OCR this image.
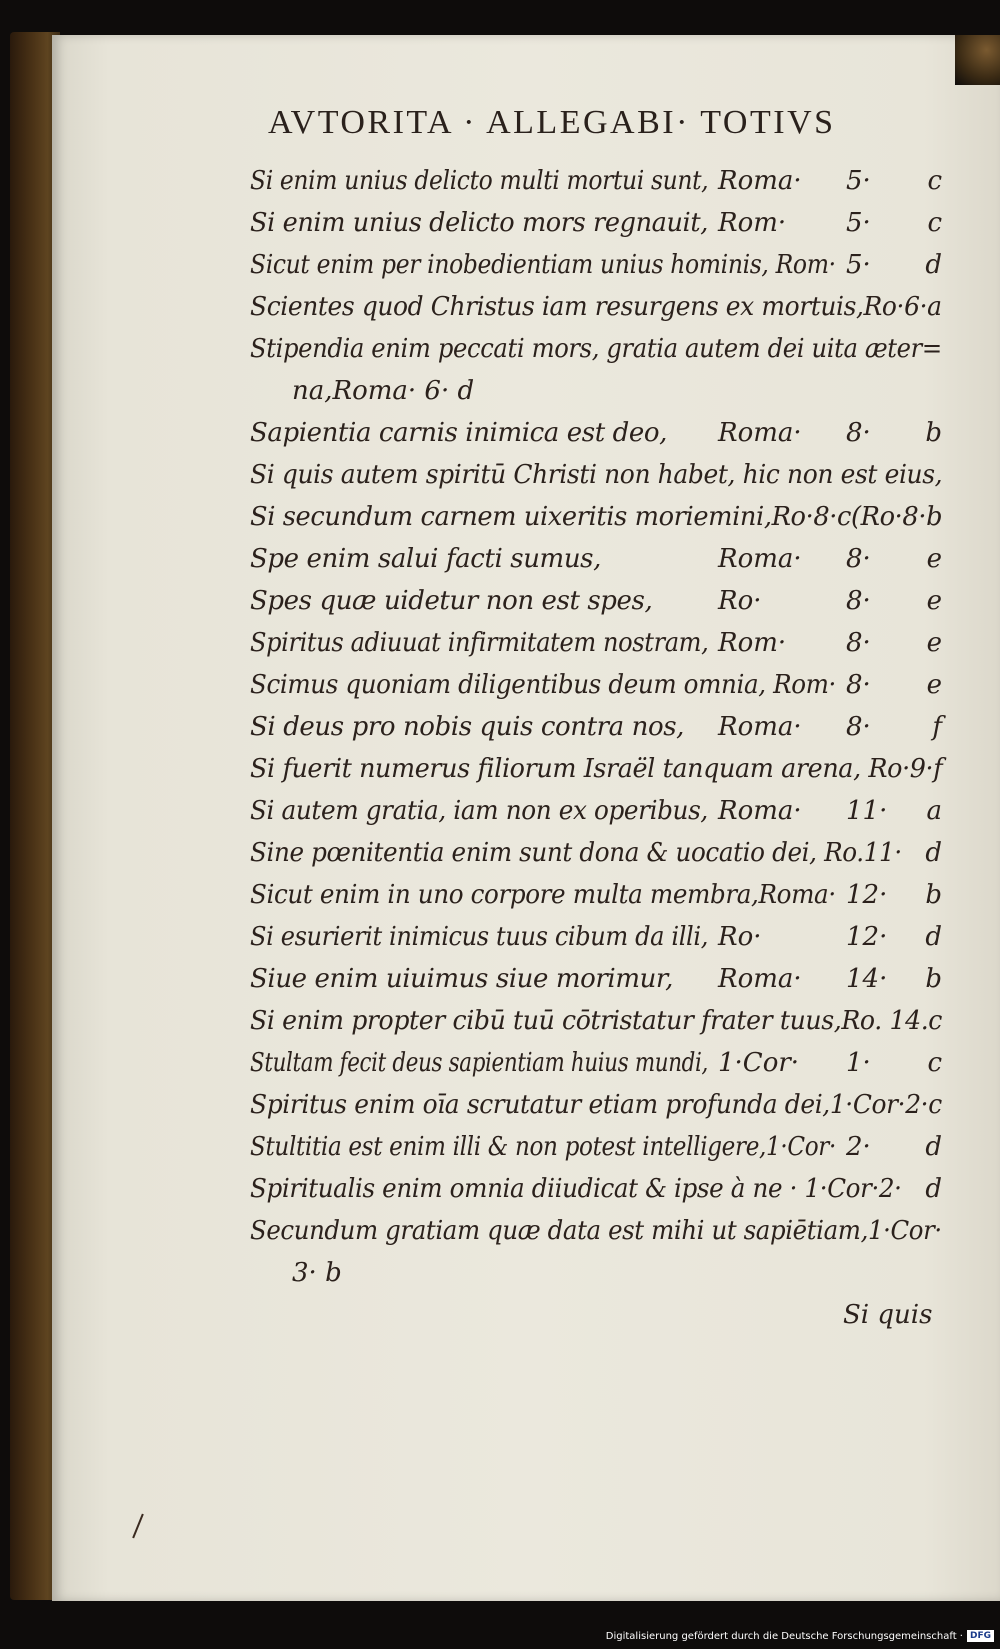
AVTORITA · ALLEGABI· TOTIVS
Si enim unius delicto multi mortui sunt, Roma· 5· c
Si enim unius delicto mors regnauit, Rom· 5· c
Sicut enim per inobedientiam unius hominis, Rom· 5· d
Scientes quod Christus iam resurgens ex mortuis,Ro·6·a
Stipendia enim peccati mors, gratia autem dei uita æter=
na,Roma· 6· d
Sapientia carnis inimica est deo, Roma· 8· b
Si quis autem spiritū Christi non habet, hic non est eius,
Si secundum carnem uixeritis moriemini,Ro·8·c(Ro·8·b
Spe enim salui facti sumus,	Roma· 8· e
Spes quæ uidetur non est spes,	Ro·	8· e
Spiritus adiuuat infirmitatem nostram, Rom· 8· e
Scimus quoniam diligentibus deum omnia, Rom· 8· e
Si deus pro nobis quis contra nos, Roma· 8· f
Si fuerit numerus filiorum Israël tanquam arena, Ro·9·f
Si autem gratia, iam non ex operibus, Roma· 11· a
Sine pœnitentia enim sunt dona & uocatio dei, Ro.11· d
Sicut enim in uno corpore multa membra,Roma· 12· b
Si esurierit inimicus tuus cibum da illi, Ro·	12· d
Siue enim uiuimus siue morimur, Roma· 14· b
Si enim propter cibū tuū cōtristatur frater tuus,Ro. 14.c
Stultam fecit deus sapientiam huius mundi, 1·Cor· 1· c
Spiritus enim oīa scrutatur etiam profunda dei,1·Cor·2·c
Stultitia est enim illi & non potest intelligere,1·Cor· 2· d
Spiritualis enim omnia diiudicat & ipse à ne · 1·Cor·2· d
Secundum gratiam quæ data est mihi ut sapiētiam,1·Cor·
3· b
Si quis
Digitalisierung gefördert durch die Deutsche Forschungsgemeinschaft · DFG
